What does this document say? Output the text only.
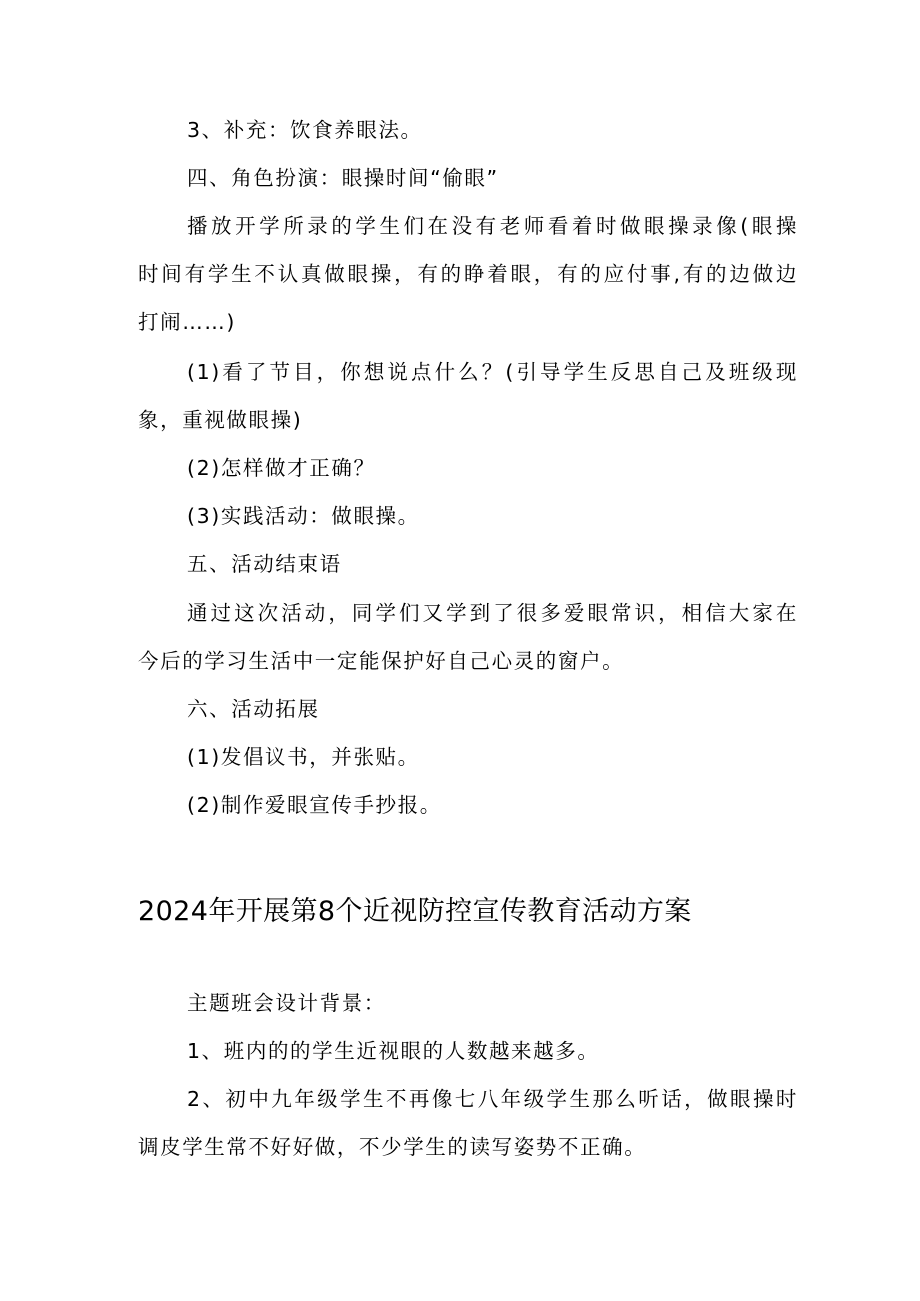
3、补充：饮食养眼法。
四、角色扮演：眼操时间“偷眼”
播放开学所录的学生们在没有老师看着时做眼操录像(眼操
时间有学生不认真做眼操，有的睁着眼，有的应付事,有的边做边
打闹……)
(1)看了节目，你想说点什么？(引导学生反思自己及班级现
象，重视做眼操)
(2)怎样做才正确？
(3)实践活动：做眼操。
五、活动结束语
通过这次活动，同学们又学到了很多爱眼常识，相信大家在
今后的学习生活中一定能保护好自己心灵的窗户。
六、活动拓展
(1)发倡议书，并张贴。
(2)制作爱眼宣传手抄报。
2024年开展第8个近视防控宣传教育活动方案
主题班会设计背景：
1、班内的的学生近视眼的人数越来越多。
2、初中九年级学生不再像七八年级学生那么听话，做眼操时
调皮学生常不好好做，不少学生的读写姿势不正确。
